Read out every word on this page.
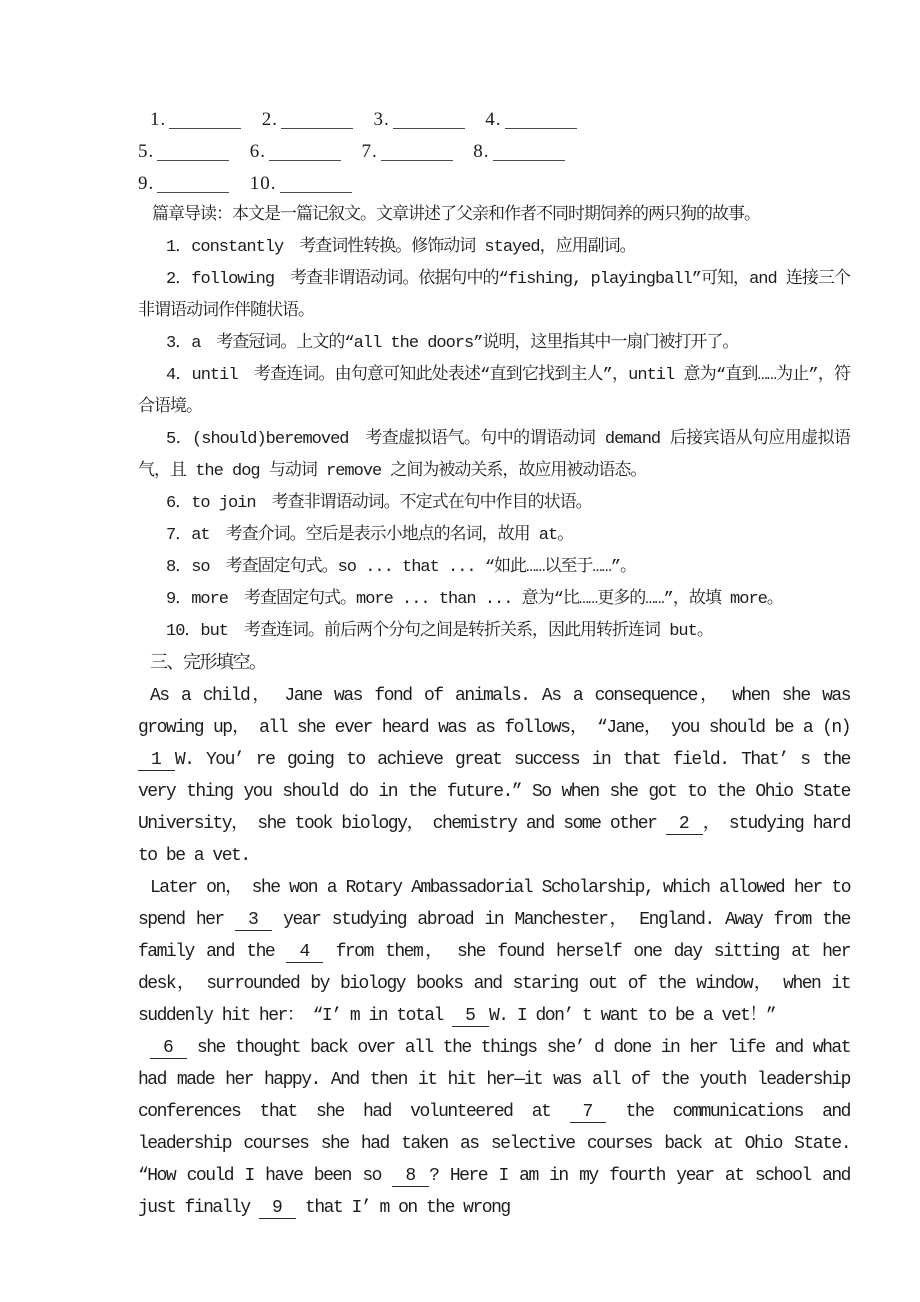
1.	2.	3.	4.
5.	6.	7.	8.
9.	10.

篇章导读：本文是一篇记叙文。文章讲述了父亲和作者不同时期饲养的两只狗的故事。

1．constantly　考查词性转换。修饰动词 stayed，应用副词。

2．following　考查非谓语动词。依据句中的“fishing, playingball”可知，and 连接三个非谓语动词作伴随状语。

3．a　考查冠词。上文的“all the doors”说明，这里指其中一扇门被打开了。

4．until　考查连词。由句意可知此处表述“直到它找到主人”，until 意为“直到……为止”，符合语境。

5．(should)beremoved　考查虚拟语气。句中的谓语动词 demand 后接宾语从句应用虚拟语气，且 the dog 与动词 remove 之间为被动关系，故应用被动语态。

6．to join　考查非谓语动词。不定式在句中作目的状语。

7．at　考查介词。空后是表示小地点的名词，故用 at。

8．so　考查固定句式。so ... that ... “如此……以至于……”。

9．more　考查固定句式。more ... than ... 意为“比……更多的……”，故填 more。

10．but　考查连词。前后两个分句之间是转折关系，因此用转折连词 but。

三、完形填空。

As a child， Jane was fond of animals. As a consequence， when she was growing up， all she ever heard was as follows， “Jane， you should be a (n) 1 W. You’ re going to achieve great success in that field. That’ s the very thing you should do in the future.” So when she got to the Ohio State University， she took biology， chemistry and some other 2 ， studying hard to be a vet.

Later on， she won a Rotary Ambassadorial Scholarship, which allowed her to spend her 3 year studying abroad in Manchester， England. Away from the family and the 4 from them， she found herself one day sitting at her desk， surrounded by biology books and staring out of the window， when it suddenly hit her： “I’ m in total 5 W. I don’ t want to be a vet！”

6 she thought back over all the things she’ d done in her life and what had made her happy. And then it hit her—it was all of the youth leadership conferences that she had volunteered at 7 the communications and leadership courses she had taken as selective courses back at Ohio State. “How could I have been so 8 ? Here I am in my fourth year at school and just finally 9 that I’ m on the wrong
